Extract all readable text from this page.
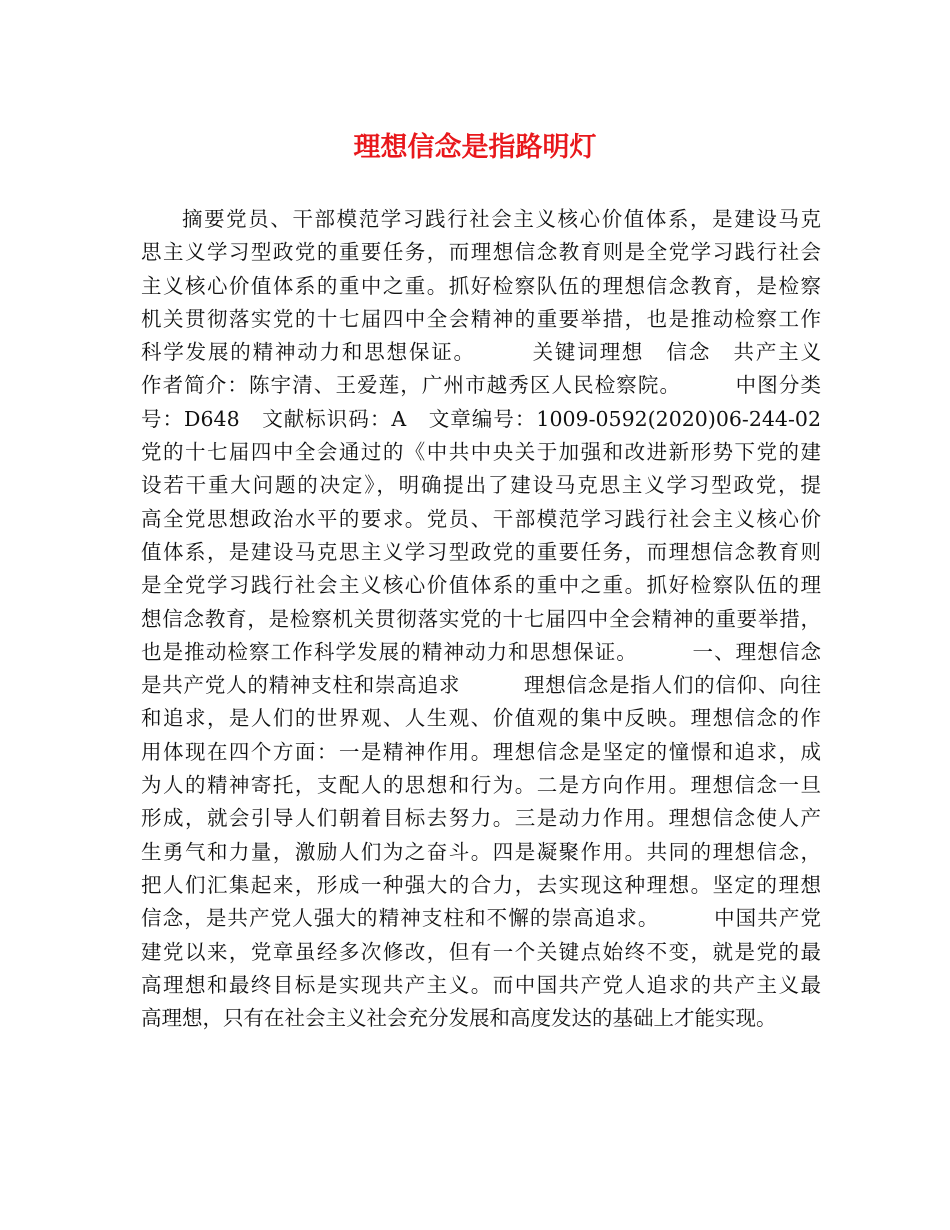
理想信念是指路明灯
摘要党员、干部模范学习践行社会主义核心价值体系，是建设马克
思主义学习型政党的重要任务，而理想信念教育则是全党学习践行社会
主义核心价值体系的重中之重。抓好检察队伍的理想信念教育，是检察
机关贯彻落实党的十七届四中全会精神的重要举措，也是推动检察工作
科学发展的精神动力和思想保证。　　　关键词理想　信念　共产主义
作者简介：陈宇清、王爱莲，广州市越秀区人民检察院。　　　中图分类
号：D648　文献标识码：A　文章编号：1009-0592(2020)06-244-02
党的十七届四中全会通过的《中共中央关于加强和改进新形势下党的建
设若干重大问题的决定》，明确提出了建设马克思主义学习型政党，提
高全党思想政治水平的要求。党员、干部模范学习践行社会主义核心价
值体系，是建设马克思主义学习型政党的重要任务，而理想信念教育则
是全党学习践行社会主义核心价值体系的重中之重。抓好检察队伍的理
想信念教育，是检察机关贯彻落实党的十七届四中全会精神的重要举措，
也是推动检察工作科学发展的精神动力和思想保证。　　　一、理想信念
是共产党人的精神支柱和崇高追求　　　理想信念是指人们的信仰、向往
和追求，是人们的世界观、人生观、价值观的集中反映。理想信念的作
用体现在四个方面：一是精神作用。理想信念是坚定的憧憬和追求，成
为人的精神寄托，支配人的思想和行为。二是方向作用。理想信念一旦
形成，就会引导人们朝着目标去努力。三是动力作用。理想信念使人产
生勇气和力量，激励人们为之奋斗。四是凝聚作用。共同的理想信念，
把人们汇集起来，形成一种强大的合力，去实现这种理想。坚定的理想
信念，是共产党人强大的精神支柱和不懈的崇高追求。　　　中国共产党
建党以来，党章虽经多次修改，但有一个关键点始终不变，就是党的最
高理想和最终目标是实现共产主义。而中国共产党人追求的共产主义最
高理想，只有在社会主义社会充分发展和高度发达的基础上才能实现。
